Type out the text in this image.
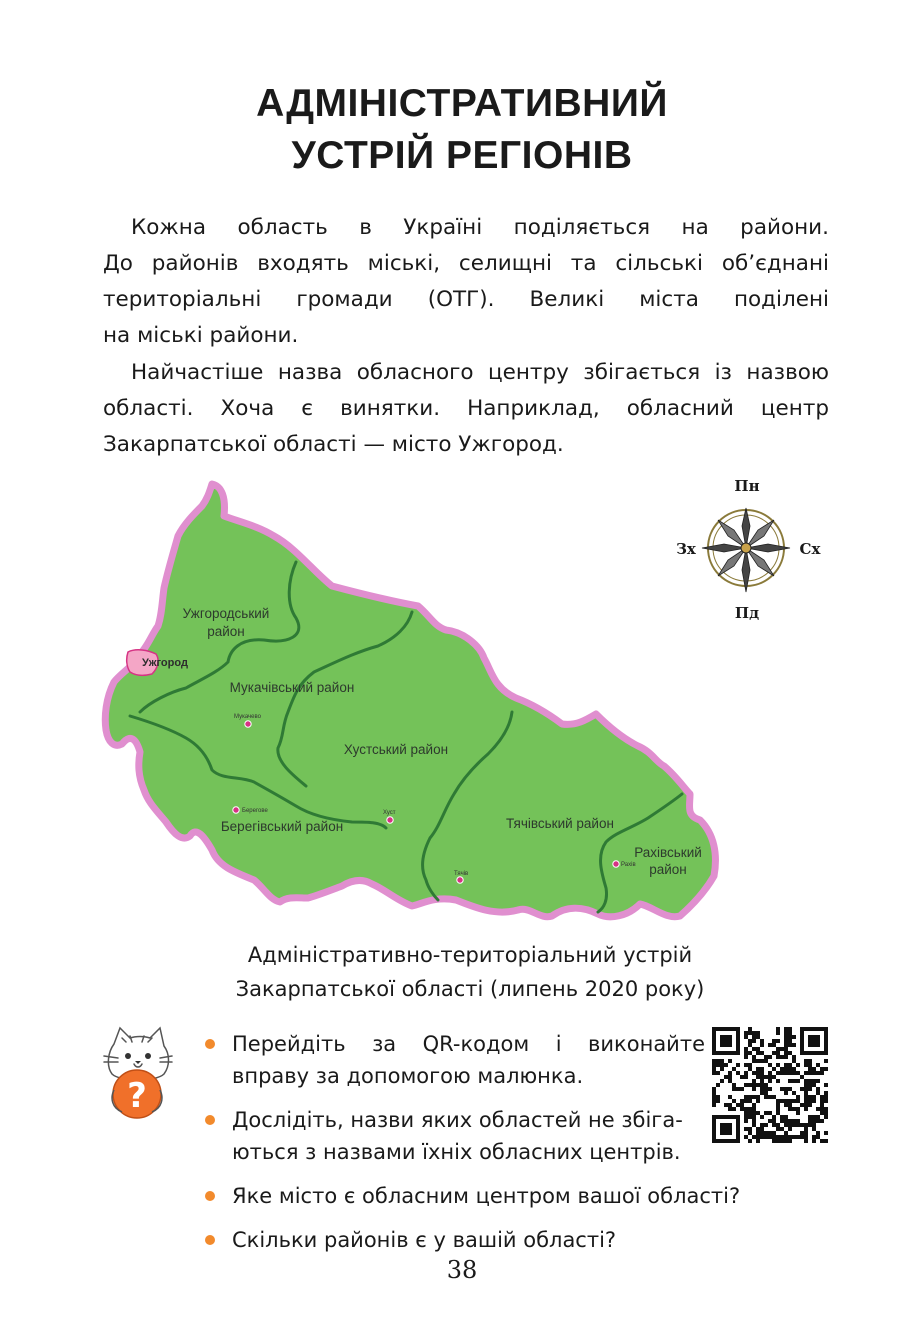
АДМІНІСТРАТИВНИЙ
УСТРІЙ РЕГІОНІВ

Кожна область в Україні поділяється на райони.
До районів входять міські, селищні та сільські об’єднані
територіальні громади (ОТГ). Великі міста поділені
на міські райони.

Найчастіше назва обласного центру збігається із назвою
області. Хоча є винятки. Наприклад, обласний центр
Закарпатської області — місто Ужгород.

Ужгородський
район
Мукачівський район
Хустський район
Берегівський район	Тячівський район
Рахівський
район
Ужгород
Мукачево
Берегове	Хуст
Тячів
Рахів
Пн
Пд
Зх	Сх
Адміністративно-територіальний устрій
Закарпатської області (липень 2020 року)
?
Перейдіть за QR-кодом і виконайте
вправу за допомогою малюнка.
Дослідіть, назви яких областей не збіга-
ються з назвами їхніх обласних центрів.
Яке місто є обласним центром вашої області?
Скільки районів є у вашій області?
38
